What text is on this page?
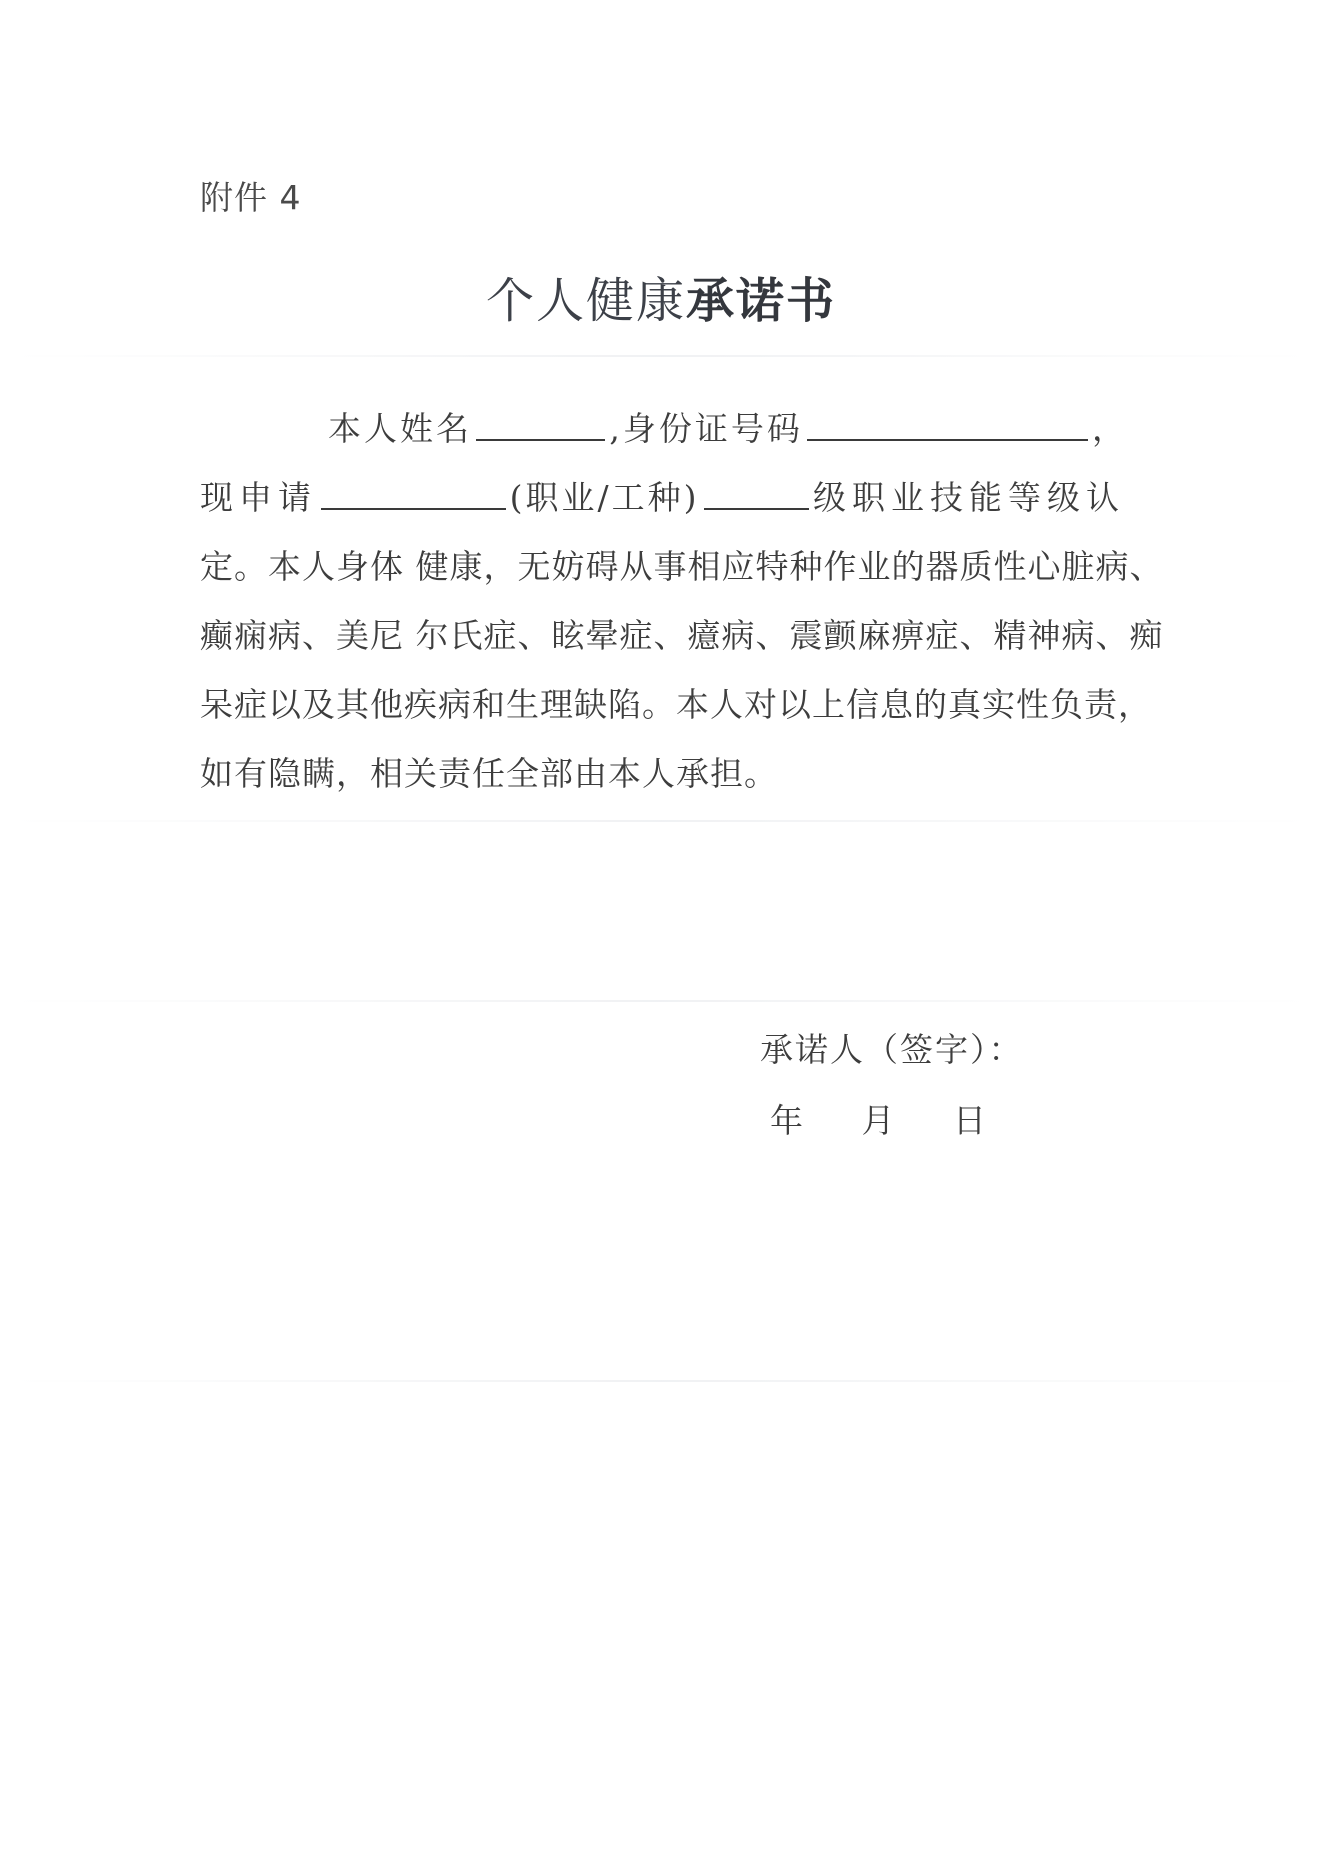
附件 4
个人健康承诺书
本人姓名	,身份证号码	，
现申请	(职业/工种)	级职业技能等级认
定。本人身体 健康，无妨碍从事相应特种作业的器质性心脏病、
癫痫病、美尼 尔氏症、眩晕症、癔病、震颤麻痹症、精神病、痴
呆症以及其他疾病和生理缺陷。本人对以上信息的真实性负责，
如有隐瞒，相关责任全部由本人承担。
承诺人（签字）：
年 月 日
